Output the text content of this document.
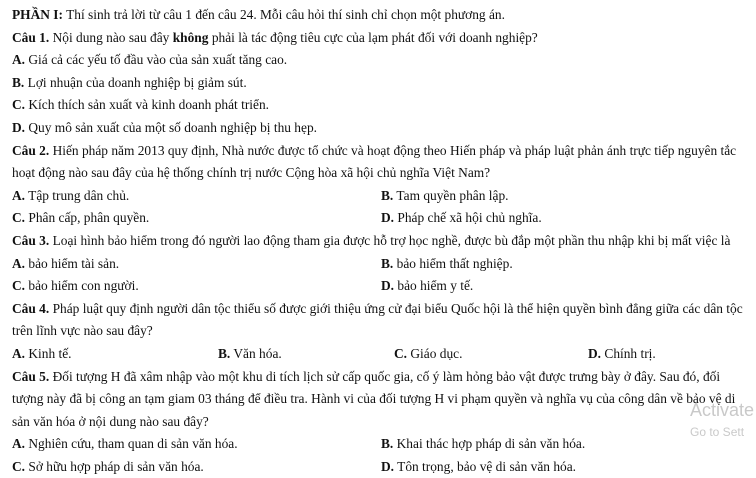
PHẦN I: Thí sinh trả lời từ câu 1 đến câu 24. Mỗi câu hỏi thí sinh chỉ chọn một phương án.
Câu 1. Nội dung nào sau đây không phải là tác động tiêu cực của lạm phát đối với doanh nghiệp?
A. Giá cả các yếu tố đầu vào của sản xuất tăng cao.
B. Lợi nhuận của doanh nghiệp bị giảm sút.
C. Kích thích sản xuất và kinh doanh phát triển.
D. Quy mô sản xuất của một số doanh nghiệp bị thu hẹp.
Câu 2. Hiến pháp năm 2013 quy định, Nhà nước được tổ chức và hoạt động theo Hiến pháp và pháp luật phản ánh trực tiếp nguyên tắc hoạt động nào sau đây của hệ thống chính trị nước Cộng hòa xã hội chủ nghĩa Việt Nam?
A. Tập trung dân chủ.	B. Tam quyền phân lập.
C. Phân cấp, phân quyền.	D. Pháp chế xã hội chủ nghĩa.
Câu 3. Loại hình bảo hiểm trong đó người lao động tham gia được hỗ trợ học nghề, được bù đắp một phần thu nhập khi bị mất việc là
A. bảo hiểm tài sản.	B. bảo hiểm thất nghiệp.
C. bảo hiểm con người.	D. bảo hiểm y tế.
Câu 4. Pháp luật quy định người dân tộc thiểu số được giới thiệu ứng cử đại biểu Quốc hội là thể hiện quyền bình đẳng giữa các dân tộc trên lĩnh vực nào sau đây?
A. Kinh tế.	B. Văn hóa.	C. Giáo dục.	D. Chính trị.
Câu 5. Đối tượng H đã xâm nhập vào một khu di tích lịch sử cấp quốc gia, cố ý làm hỏng bảo vật được trưng bày ở đây. Sau đó, đối tượng này đã bị công an tạm giam 03 tháng để điều tra. Hành vi của đối tượng H vi phạm quyền và nghĩa vụ của công dân về bảo vệ di sản văn hóa ở nội dung nào sau đây?
A. Nghiên cứu, tham quan di sản văn hóa.	B. Khai thác hợp pháp di sản văn hóa.
C. Sở hữu hợp pháp di sản văn hóa.	D. Tôn trọng, bảo vệ di sản văn hóa.
Activate
Go to Sett
